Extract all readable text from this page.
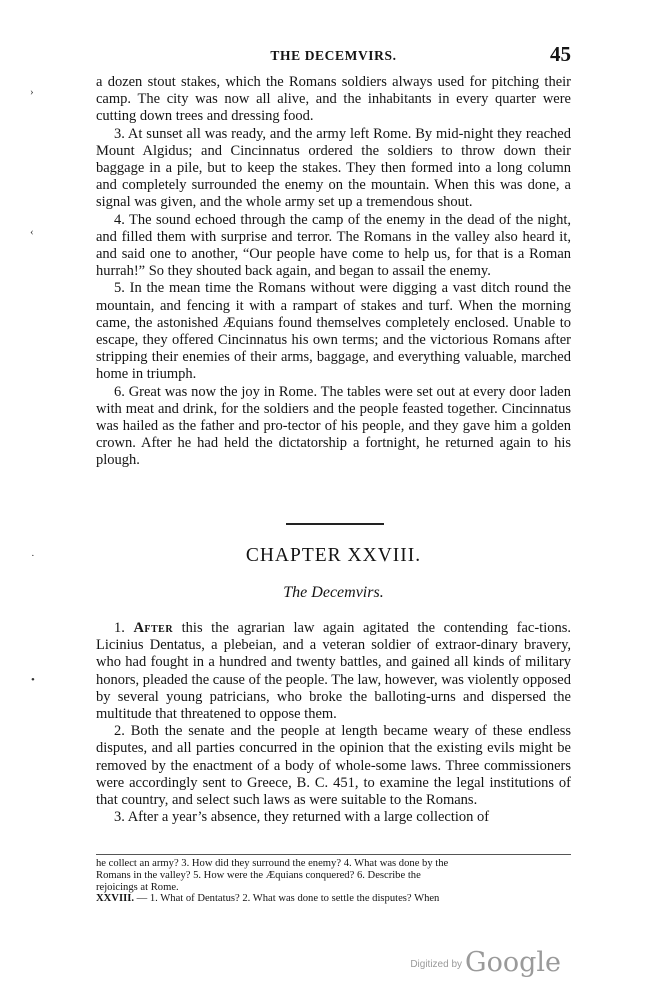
THE DECEMVIRS.	45
›
‹
·
•

a dozen stout stakes, which the Romans soldiers always used for pitching their camp. The city was now all alive, and the inhabitants in every quarter were cutting down trees and dressing food.

3. At sunset all was ready, and the army left Rome. By mid-night they reached Mount Algidus; and Cincinnatus ordered the soldiers to throw down their baggage in a pile, but to keep the stakes. They then formed into a long column and completely surrounded the enemy on the mountain. When this was done, a signal was given, and the whole army set up a tremendous shout.

4. The sound echoed through the camp of the enemy in the dead of the night, and filled them with surprise and terror. The Romans in the valley also heard it, and said one to another, “Our people have come to help us, for that is a Roman hurrah!” So they shouted back again, and began to assail the enemy.

5. In the mean time the Romans without were digging a vast ditch round the mountain, and fencing it with a rampart of stakes and turf. When the morning came, the astonished Æquians found themselves completely enclosed. Unable to escape, they offered Cincinnatus his own terms; and the victorious Romans after stripping their enemies of their arms, baggage, and everything valuable, marched home in triumph.

6. Great was now the joy in Rome. The tables were set out at every door laden with meat and drink, for the soldiers and the people feasted together. Cincinnatus was hailed as the father and pro-tector of his people, and they gave him a golden crown. After he had held the dictatorship a fortnight, he returned again to his plough.

CHAPTER XXVIII.
The Decemvirs.

1. After this the agrarian law again agitated the contending fac-tions. Licinius Dentatus, a plebeian, and a veteran soldier of extraor-dinary bravery, who had fought in a hundred and twenty battles, and gained all kinds of military honors, pleaded the cause of the people. The law, however, was violently opposed by several young patricians, who broke the balloting-urns and dispersed the multitude that threatened to oppose them.

2. Both the senate and the people at length became weary of these endless disputes, and all parties concurred in the opinion that the existing evils might be removed by the enactment of a body of whole-some laws. Three commissioners were accordingly sent to Greece, B. C. 451, to examine the legal institutions of that country, and select such laws as were suitable to the Romans.

3. After a year’s absence, they returned with a large collection of

he collect an army? 3. How did they surround the enemy? 4. What was done by the
Romans in the valley? 5. How were the Æquians conquered? 6. Describe the
rejoicings at Rome.
XXVIII. — 1. What of Dentatus? 2. What was done to settle the disputes? When
$^{Digitized by}$ Google
